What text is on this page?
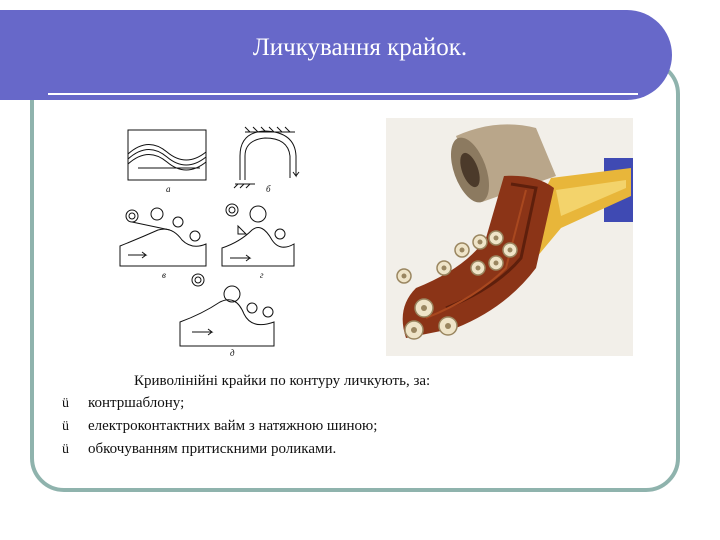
Личкування крайок.
а	б
в	г
д
Криволінійні крайки по контуру личкують, за:
ü	контршаблону;
ü	електроконтактних вайм з натяжною шиною;
ü	обкочуванням притискними роликами.
